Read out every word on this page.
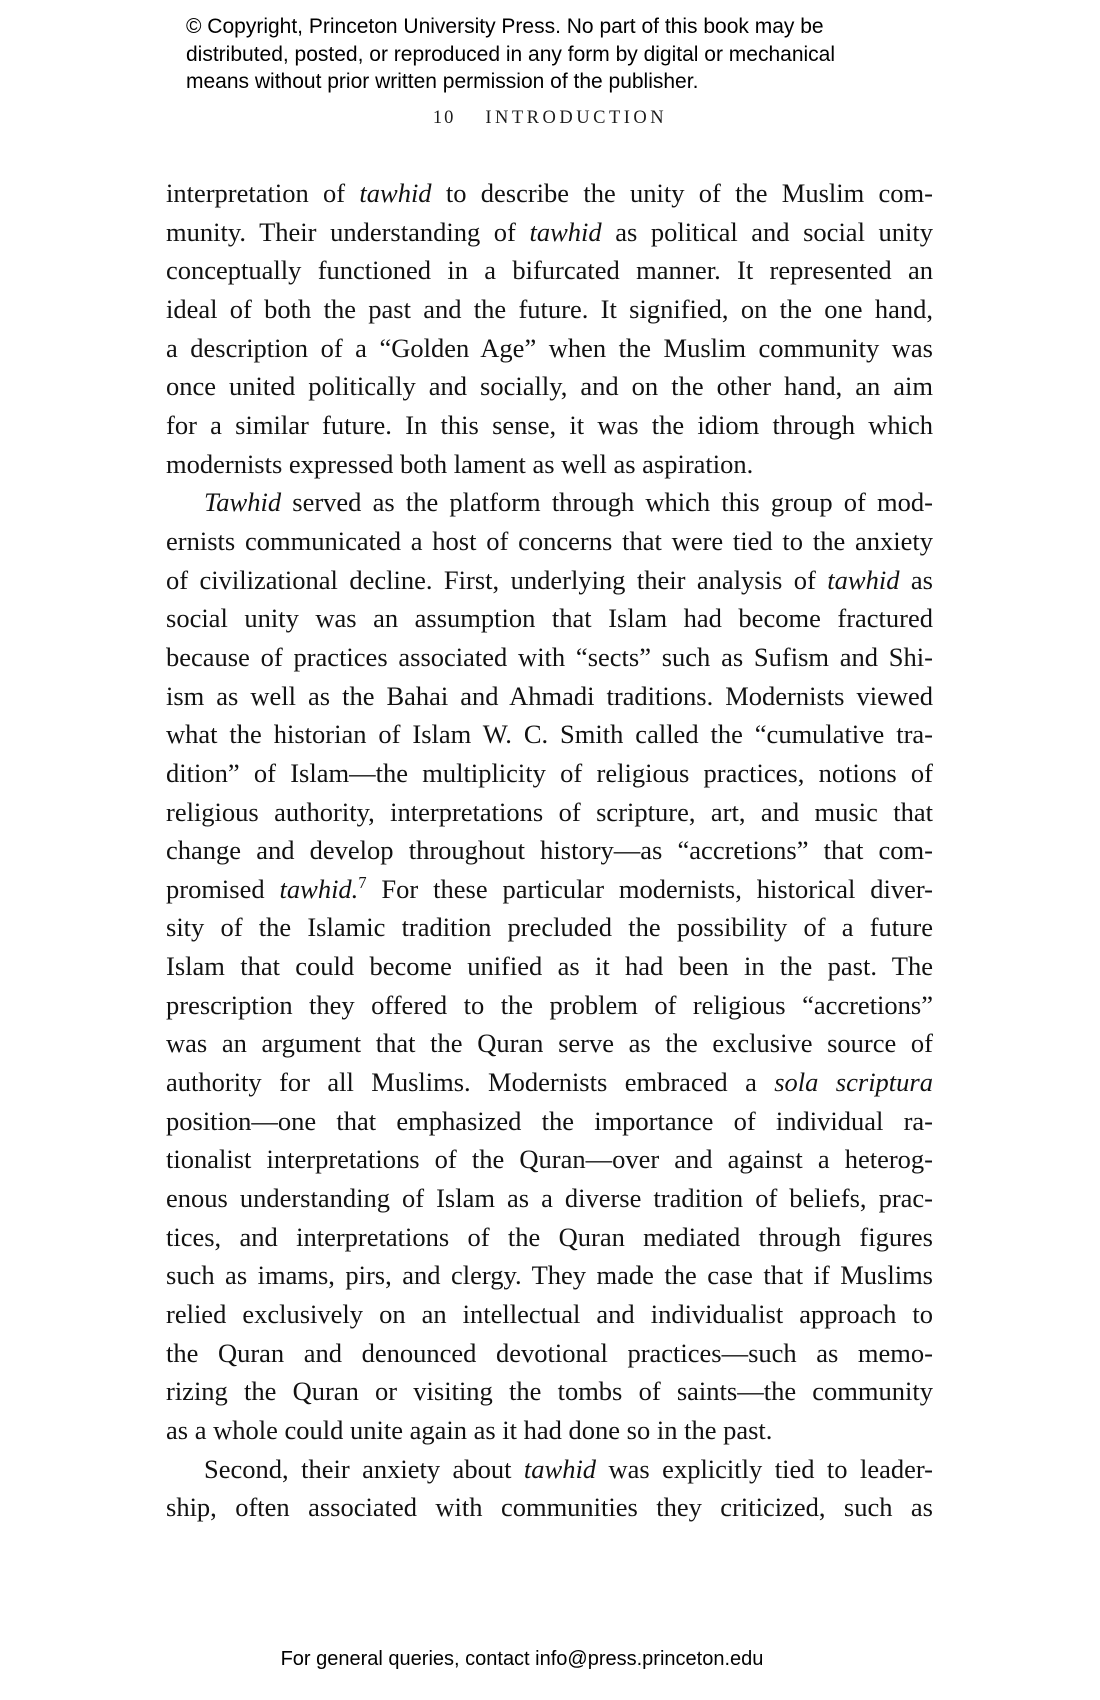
© Copyright, Princeton University Press. No part of this book may be
distributed, posted, or reproduced in any form by digital or mechanical
means without prior written permission of the publisher.
10 INTRODUCTION
interpretation of tawhid to describe the unity of the Muslim com-
munity. Their understanding of tawhid as political and social unity
conceptually functioned in a bifurcated manner. It represented an
ideal of both the past and the future. It signified, on the one hand,
a description of a “Golden Age” when the Muslim community was
once united politically and socially, and on the other hand, an aim
for a similar future. In this sense, it was the idiom through which
modernists expressed both lament as well as aspiration.
Tawhid served as the platform through which this group of mod-
ernists communicated a host of concerns that were tied to the anxiety
of civilizational decline. First, underlying their analysis of tawhid as
social unity was an assumption that Islam had become fractured
because of practices associated with “sects” such as Sufism and Shi-
ism as well as the Bahai and Ahmadi traditions. Modernists viewed
what the historian of Islam W. C. Smith called the “cumulative tra-
dition” of Islam—the multiplicity of religious practices, notions of
religious authority, interpretations of scripture, art, and music that
change and develop throughout history—as “accretions” that com-
promised tawhid.$^7$ For these particular modernists, historical diver-
sity of the Islamic tradition precluded the possibility of a future
Islam that could become unified as it had been in the past. The
prescription they offered to the problem of religious “accretions”
was an argument that the Quran serve as the exclusive source of
authority for all Muslims. Modernists embraced a sola scriptura
position—one that emphasized the importance of individual ra-
tionalist interpretations of the Quran—over and against a heterog-
enous understanding of Islam as a diverse tradition of beliefs, prac-
tices, and interpretations of the Quran mediated through figures
such as imams, pirs, and clergy. They made the case that if Muslims
relied exclusively on an intellectual and individualist approach to
the Quran and denounced devotional practices—such as memo-
rizing the Quran or visiting the tombs of saints—the community
as a whole could unite again as it had done so in the past.
Second, their anxiety about tawhid was explicitly tied to leader-
ship, often associated with communities they criticized, such as
For general queries, contact info@press.princeton.edu
